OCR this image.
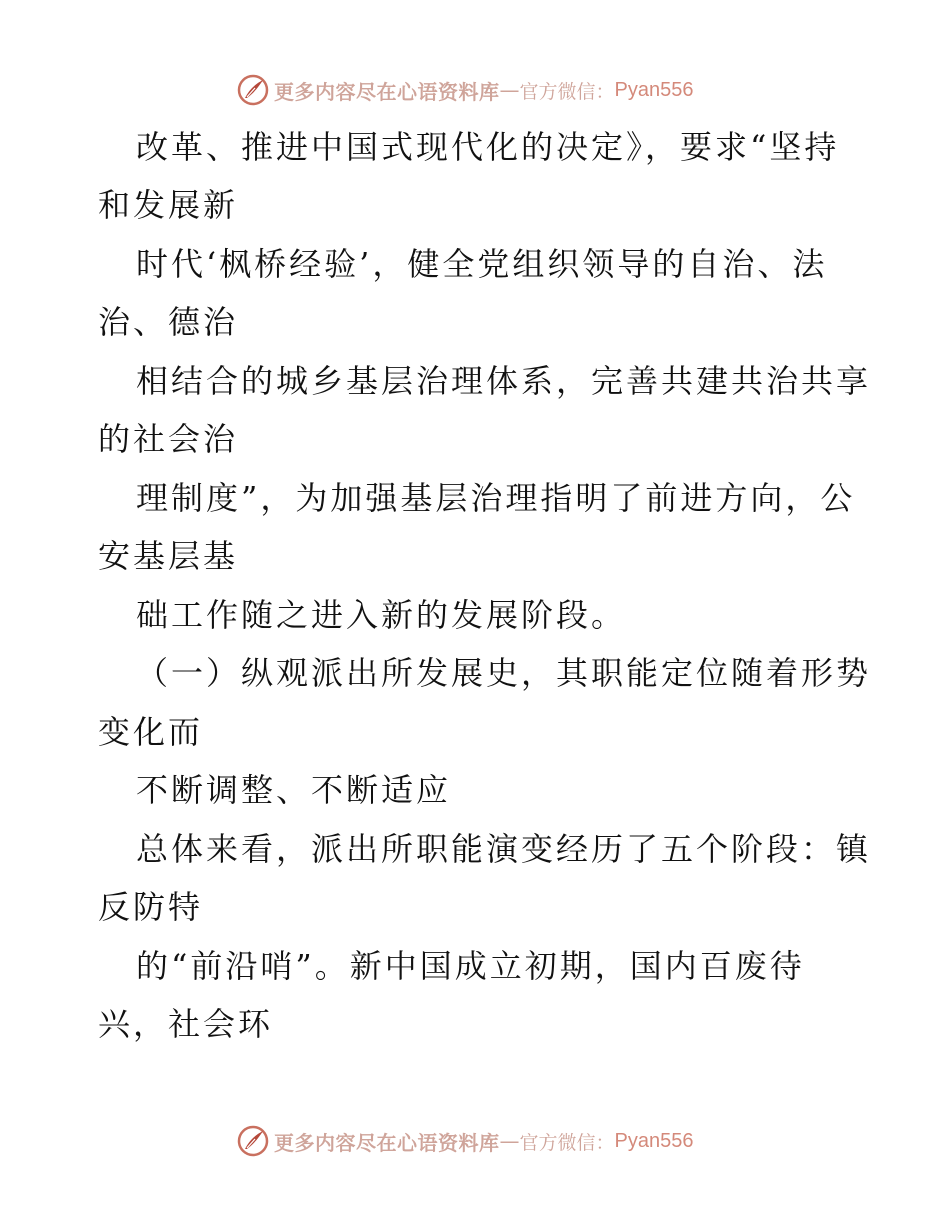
更多内容尽在心语资料库 — 官方微信： Pyan556
改革、推进中国式现代化的决定》，要求“坚持
和发展新
时代‘枫桥经验’，健全党组织领导的自治、法
治、德治
相结合的城乡基层治理体系，完善共建共治共享
的社会治
理制度”，为加强基层治理指明了前进方向，公
安基层基
础工作随之进入新的发展阶段。
（一）纵观派出所发展史，其职能定位随着形势
变化而
不断调整、不断适应
总体来看，派出所职能演变经历了五个阶段：镇
反防特
的“前沿哨”。新中国成立初期，国内百废待
兴，社会环
更多内容尽在心语资料库 — 官方微信： Pyan556
